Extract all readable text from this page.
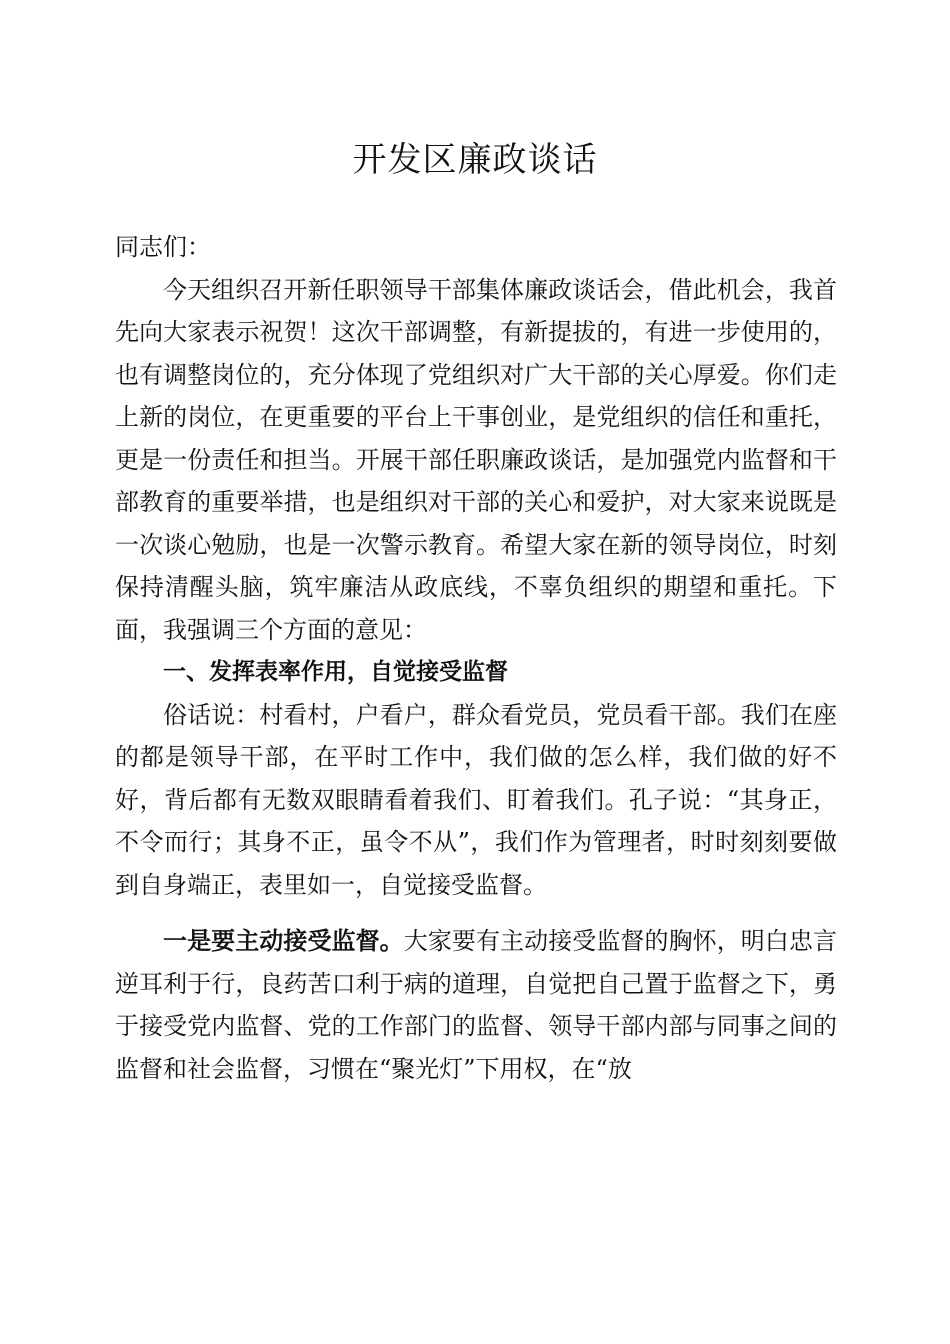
开发区廉政谈话

同志们：

今天组织召开新任职领导干部集体廉政谈话会，借此机会，我首先向大家表示祝贺！这次干部调整，有新提拔的，有进一步使用的，也有调整岗位的，充分体现了党组织对广大干部的关心厚爱。你们走上新的岗位，在更重要的平台上干事创业，是党组织的信任和重托，更是一份责任和担当。开展干部任职廉政谈话，是加强党内监督和干部教育的重要举措，也是组织对干部的关心和爱护，对大家来说既是一次谈心勉励，也是一次警示教育。希望大家在新的领导岗位，时刻保持清醒头脑，筑牢廉洁从政底线，不辜负组织的期望和重托。下面，我强调三个方面的意见：

一、发挥表率作用，自觉接受监督

俗话说：村看村，户看户，群众看党员，党员看干部。我们在座的都是领导干部，在平时工作中，我们做的怎么样，我们做的好不好，背后都有无数双眼睛看着我们、盯着我们。孔子说：“其身正，不令而行；其身不正，虽令不从”，我们作为管理者，时时刻刻要做到自身端正，表里如一，自觉接受监督。

一是要主动接受监督。大家要有主动接受监督的胸怀，明白忠言逆耳利于行，良药苦口利于病的道理，自觉把自己置于监督之下，勇于接受党内监督、党的工作部门的监督、领导干部内部与同事之间的监督和社会监督，习惯在“聚光灯”下用权，在“放
